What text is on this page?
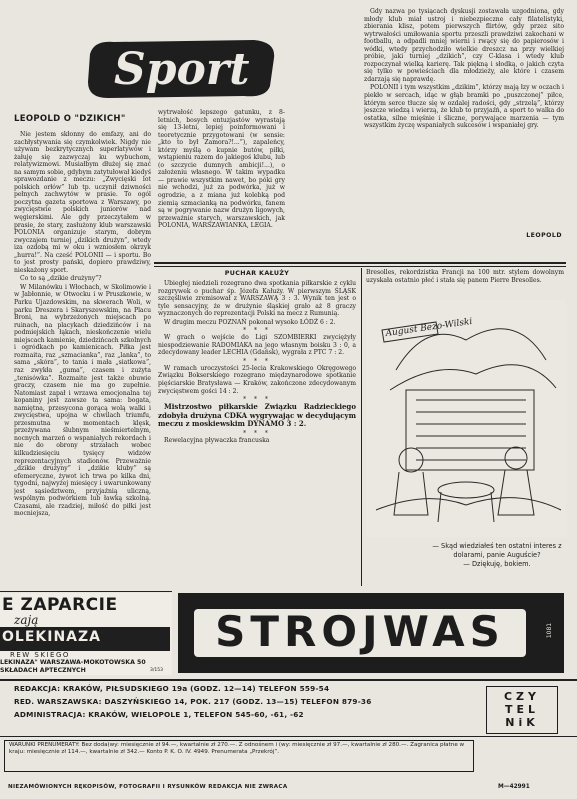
Sport
LEOPOLD O "DZIKICH"

Nie jestem skłonny do emfazy, ani do zachłystywania się czymkolwiek. Nigdy nie używam bezkrytycznych superlatywów i żałuję się zazwyczaj ku wybuchom, relatywizmowi. Musiałbym dłużej się znać na samym sobie, gdybym zatytułował kiedyś sprawozdanie z meczu: „Zwycięski lot polskich orłów” lub tp. uczynił dziwności pełnych zachwytów w prasie. To ogól poczytna gazeta sportowa z Warszawy, po zwycięstwie polskich juniorów nad węgierskimi. Ale gdy przeczytałem w prasie, że stary, zasłużony klub warszawski POLONIA organizuje starym, dobrym zwyczajem turniej „dzikich drużyn”, wtedy iza ozdobą mi w oku i wzniosłem okrzyk „hurra!”. Na cześć POLONII — i sportu. Bo to jest prosty pański, dopiero prawdziwy, nieskażony sport.

Co to są „dzikie drużyny”?

W Milanówku i Włochach, w Skolimowie i w Jabłonnie, w Otwocku i w Pruszkowie, w Parku Ujazdowskim, na skwerach Woli, w parku Dreszera i Skaryszewskim, na Placu Broni, na wybrzeżonych miejscach po ruinach, na placykach dziedzińców i na podmiejskich łąkach, nieskończenie wielu miejscach kamienie, dziedzińcach szkolnych i ogródkach po kamienicach. Piłka jest rozmaita, raz „szmacianka”, raz „lanka”, to sama „skóra”, to tania i mała „siatkowa”, raz zwykła „guma”, czasem i zużyta „tenisówka”. Rozmaite jest także obuwie graczy, czasem nie ma go zupełnie. Natomiast zapał i wrzawa emocjonalna tej kopaniny jest zawsze ta sama: bogata, namiętna, przesycona gorącą wolą walki i zwycięstwa, upojna w chwilach triumfu, przesmutna w momentach klęsk, przeżywana ślubnym nieśmiertelnym, nocnych marzeń o wspaniałych rekordach i nie do obrony strzałach wobec kilkudziesięciu tysięcy widzów reprezentacyjnych stadionów. Przeważnie „dzikie drużyny” i „dzikie kluby” są efemeryczne, żywot ich trwa po kilka dni, tygodni, najwyżej miesięcy i uwarunkowany jest sąsiedztwem, przyjaźnią uliczną, wspólnym podwórkiem lub ławką szkolną. Czasami, ale rzadziej, miłość do piłki jest mocniejsza,

wytrwałość lepszego gatunku, z 8-letnich, bosych entuzjastów wyrastają się 13-letni, lepiej poinformowani i teoretycznie przygotowani (w sensie: „kto to był Zamora?!...”), zapaleńcy, którzy myślą o kupnie butów, piłki, wstąpieniu razem do jakiegoś klubu, lub (o szczycie dumnych ambicji!...), o założeniu własnego. W takim wypadku — prawie wszystkim nawet, bo póki gry nie wchodzi, już za podwórka, już w ogrodzie, a z miana już kolebką pod ziemią szmacianką na podwórku, fanem są w pogrywanie nazw drużyn ligowych, przeważnie starych, warszawskich, jak POLONIA, WARSZAWIANKA, LEGIA.

Gdy nazwa po tysiącach dyskusji zostawała uzgodniona, gdy młody klub miał ustroj i niebezpieczne cały filatelistyki, zbierania klisz, potem pierwszych flirtów, gdy przez sito wytrwałości umiłowania sportu przeszli prawdziwi zakochani w footballu, a odpadli mniej wierni i rwący się do papierosów i wódki, wtedy przychodziło wielkie dreszcz na przy wielkiej próbie, jaki turniej „dzikich”, czy C-klasa i wtedy klub rozpoczynał wielką karierę. Tak piękną i słodką, o jakich czyta się tylko w powieściach dla młodzieży, ale które i czasem zdarzają się naprawdę.

POLONII i tym wszystkim „dzikim”, którzy mają łzy w oczach i piekło w sercach, idąc w głąb bramki po „puszczonej” piłce, którym serce tłucze się w ozdalej radości, gdy „strzelą”, którzy jeszcze wiedzą i wierzą, że klub to przyjaźń, a sport to walka do ostatka, silne mięśnie i śliczne, porywające marzenia — tym wszystkim życzę wspaniałych sukcesów i wspaniałej gry.

LEOPOLD
PUCHAR KAŁUŻY

Ubiegłej niedzieli rozegrano dwa spotkania piłkarskie z cyklu rozgrywek o puchar śp. Józefa Kałuży. W pierwszym ŚLĄSK szczęśliwie zremisował z WARSZAWĄ 3 : 3. Wynik ten jest o tyle sensacyjny, że w drużynie śląskiej grało aż 8 graczy wyznaczonych do reprezentacji Polski na mecz z Rumunią.

W drugim meczu POZNAŃ pokonał wysoko ŁÓDŹ 6 : 2.

* * *

W grach o wejście do Ligi SZOMBIERKI zwyciężyły niespodziewanie RADOMIAKA na jego własnym boisku 3 : 0, a zdecydowany leader LECHIA (Gdańsk), wygrała z PTC 7 : 2.

* * *

W ramach uroczystości 25-lecia Krakowskiego Okręgowego Związku Bokserskiego rozegrano międzynarodowe spotkanie pięściarskie Bratysława — Kraków, zakończone zdecydowanym zwycięstwem gości 14 : 2.

* * *

Mistrzostwo piłkarskie Związku Radzieckiego zdobyła drużyna CDKA wygrywając w decydującym meczu z moskiewskim DYNAMO 3 : 2.

* * *

Rewelacyjna pływaczka francuska

Bresolles, rekordzistka Francji na 100 mtr. stylem dowolnym uzyskała ostatnio płeć i stała się panem Pierre Bresolles.

August Bezo-Wilski
— Skąd wiedziałeś ten ostatni interes z dolarami, panie Auguście?
— Dziękuję, bokiem.
E ZAPARCIE
zają
OLEKINAZA
REW SKIEGO
LEKINAZA" WARSZAWA-MOKOTOWSKA 50
SKŁADACH APTECZNYCH	3/153
STROJWAS	1081
REDAKCJA: KRAKÓW, PIŁSUDSKIEGO 19a (GODZ. 12—14) TELEFON 559-54
RED. WARSZAWSKA: DASZYŃSKIEGO 14, POK. 217 (GODZ. 13—15) TELEFON 879-36
ADMINISTRACJA: KRAKÓW, WIELOPOLE 1, TELEFON 545-60, -61, -62
CZY
TEL
NiK
WARUNKI PRENUMERATY: Bez doda(wy: miesięcznie zł 94.—, kwartalnie zł 270.—. Z odnośnem i (wy: miesięcznie zł 97.—, kwartalnie zł 280.—. Zagranica płatne w kraju: miesięcznie zł 114.—, kwartalnie zł 342.— Konto P. K. O. IV. 4949. Prenumerata „Przekrój”.
NIEZAMÓWIONYCH RĘKOPISÓW, FOTOGRAFII I RYSUNKÓW REDAKCJA NIE ZWRACA	M—42991
